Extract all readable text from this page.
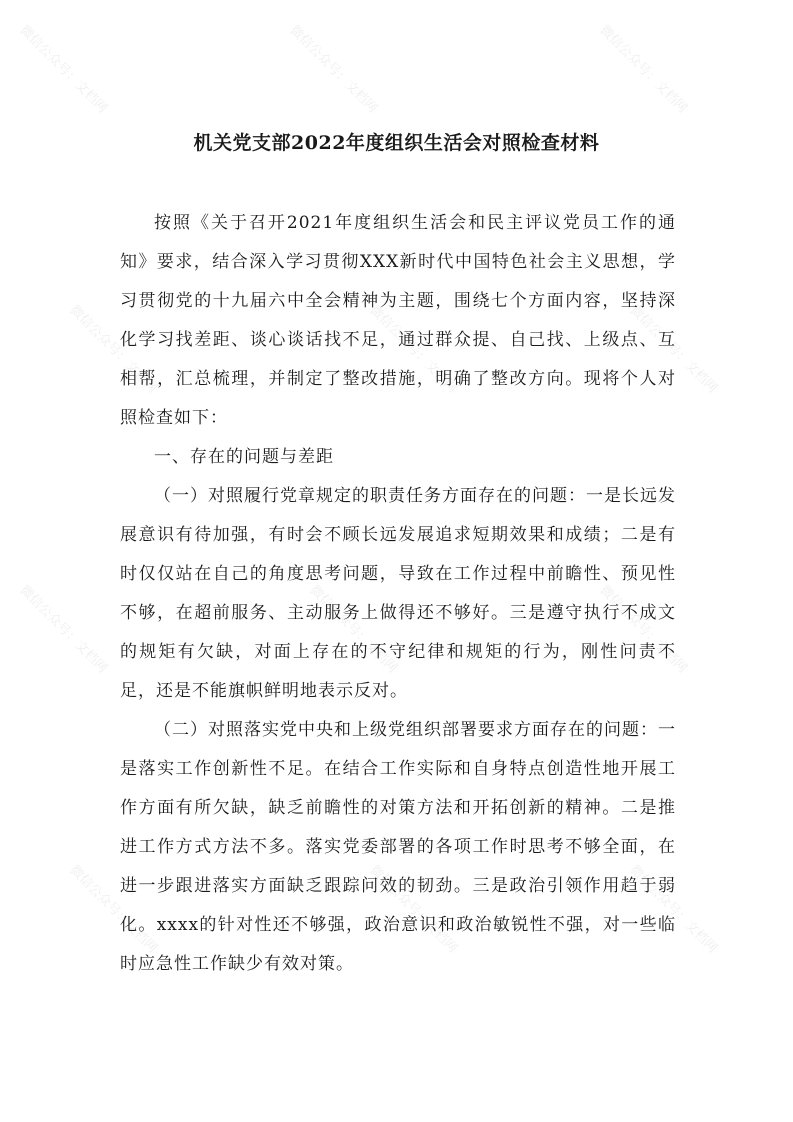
微信公众号：文档网	微信公众号：文档网	微信公众号：文档网
微信公众号：文档网	微信公众号：文档网	微信公众号：文档网
微信公众号：文档网	微信公众号：文档网	微信公众号：文档网
微信公众号：文档网	微信公众号：文档网	微信公众号：文档网
机关党支部2022年度组织生活会对照检查材料

按照《关于召开2021年度组织生活会和民主评议党员工作的通知》要求，结合深入学习贯彻XXX新时代中国特色社会主义思想，学习贯彻党的十九届六中全会精神为主题，围绕七个方面内容，坚持深化学习找差距、谈心谈话找不足，通过群众提、自己找、上级点、互相帮，汇总梳理，并制定了整改措施，明确了整改方向。现将个人对照检查如下：

一、存在的问题与差距

（一）对照履行党章规定的职责任务方面存在的问题：一是长远发展意识有待加强，有时会不顾长远发展追求短期效果和成绩；二是有时仅仅站在自己的角度思考问题，导致在工作过程中前瞻性、预见性不够，在超前服务、主动服务上做得还不够好。三是遵守执行不成文的规矩有欠缺，对面上存在的不守纪律和规矩的行为，刚性问责不足，还是不能旗帜鲜明地表示反对。

（二）对照落实党中央和上级党组织部署要求方面存在的问题：一是落实工作创新性不足。在结合工作实际和自身特点创造性地开展工作方面有所欠缺，缺乏前瞻性的对策方法和开拓创新的精神。二是推进工作方式方法不多。落实党委部署的各项工作时思考不够全面，在进一步跟进落实方面缺乏跟踪问效的韧劲。三是政治引领作用趋于弱化。xxxx的针对性还不够强，政治意识和政治敏锐性不强，对一些临时应急性工作缺少有效对策。
